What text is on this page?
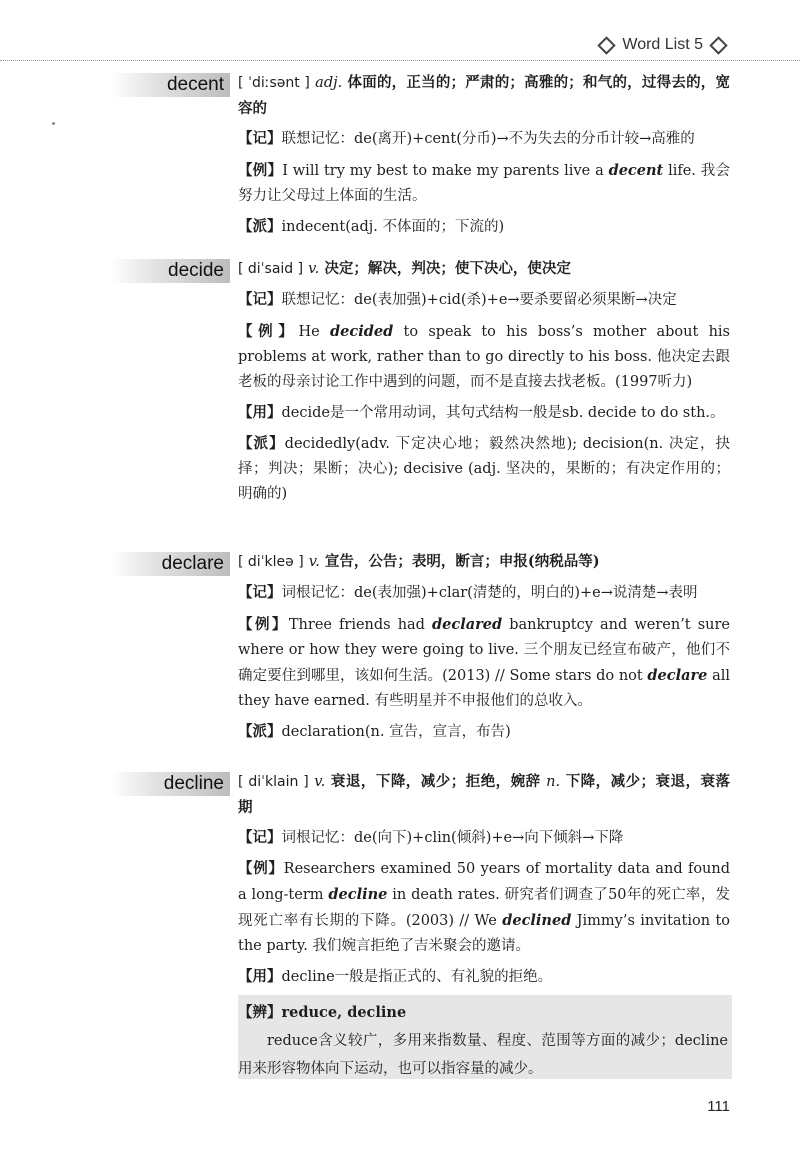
Word List 5
decent	[ ˈdiːsənt ] adj. 体面的，正当的；严肃的；高雅的；和气的，过得去的，宽容的

【记】联想记忆：de(离开)+cent(分币)→不为失去的分币计较→高雅的

【例】I will try my best to make my parents live a decent life. 我会努力让父母过上体面的生活。

【派】indecent(adj. 不体面的；下流的)

decide	[ diˈsaid ] v. 决定；解决，判决；使下决心，使决定

【记】联想记忆：de(表加强)+cid(杀)+e→要杀要留必须果断→决定

【例】He decided to speak to his boss’s mother about his problems at work, rather than to go directly to his boss. 他决定去跟老板的母亲讨论工作中遇到的问题，而不是直接去找老板。(1997听力)

【用】decide是一个常用动词，其句式结构一般是sb. decide to do sth.。

【派】decidedly(adv. 下定决心地；毅然决然地); decision(n. 决定，抉择；判决；果断；决心); decisive (adj. 坚决的，果断的；有决定作用的；明确的)

declare	[ diˈkleə ] v. 宣告，公告；表明，断言；申报(纳税品等)

【记】词根记忆：de(表加强)+clar(清楚的，明白的)+e→说清楚→表明

【例】Three friends had declared bankruptcy and weren’t sure where or how they were going to live. 三个朋友已经宣布破产，他们不确定要住到哪里，该如何生活。(2013) // Some stars do not declare all they have earned. 有些明星并不申报他们的总收入。

【派】declaration(n. 宣告，宣言，布告)

decline	[ diˈklain ] v. 衰退，下降，减少；拒绝，婉辞 n. 下降，减少；衰退，衰落期

【记】词根记忆：de(向下)+clin(倾斜)+e→向下倾斜→下降

【例】Researchers examined 50 years of mortality data and found a long-term decline in death rates. 研究者们调查了50年的死亡率，发现死亡率有长期的下降。(2003) // We declined Jimmy’s invitation to the party. 我们婉言拒绝了吉米聚会的邀请。

【用】decline一般是指正式的、有礼貌的拒绝。

【辨】reduce, decline

reduce含义较广，多用来指数量、程度、范围等方面的减少；decline用来形容物体向下运动，也可以指容量的减少。

111
